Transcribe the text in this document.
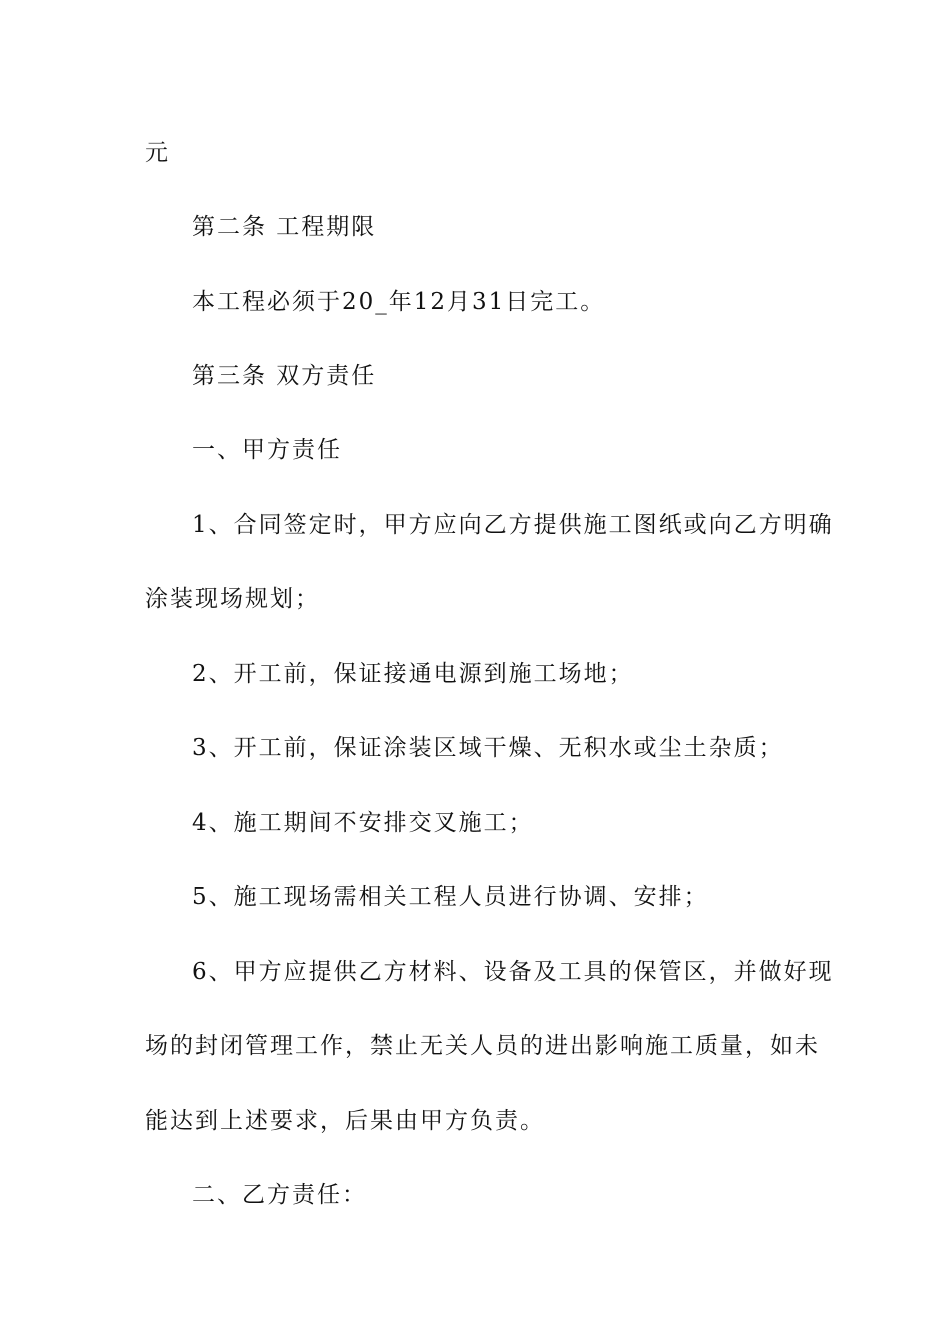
元
第二条 工程期限
本工程必须于20_年12月31日完工。
第三条 双方责任
一、甲方责任
1、合同签定时，甲方应向乙方提供施工图纸或向乙方明确
涂装现场规划；
2、开工前，保证接通电源到施工场地；
3、开工前，保证涂装区域干燥、无积水或尘土杂质；
4、施工期间不安排交叉施工；
5、施工现场需相关工程人员进行协调、安排；
6、甲方应提供乙方材料、设备及工具的保管区，并做好现
场的封闭管理工作，禁止无关人员的进出影响施工质量，如未
能达到上述要求，后果由甲方负责。
二、乙方责任：
